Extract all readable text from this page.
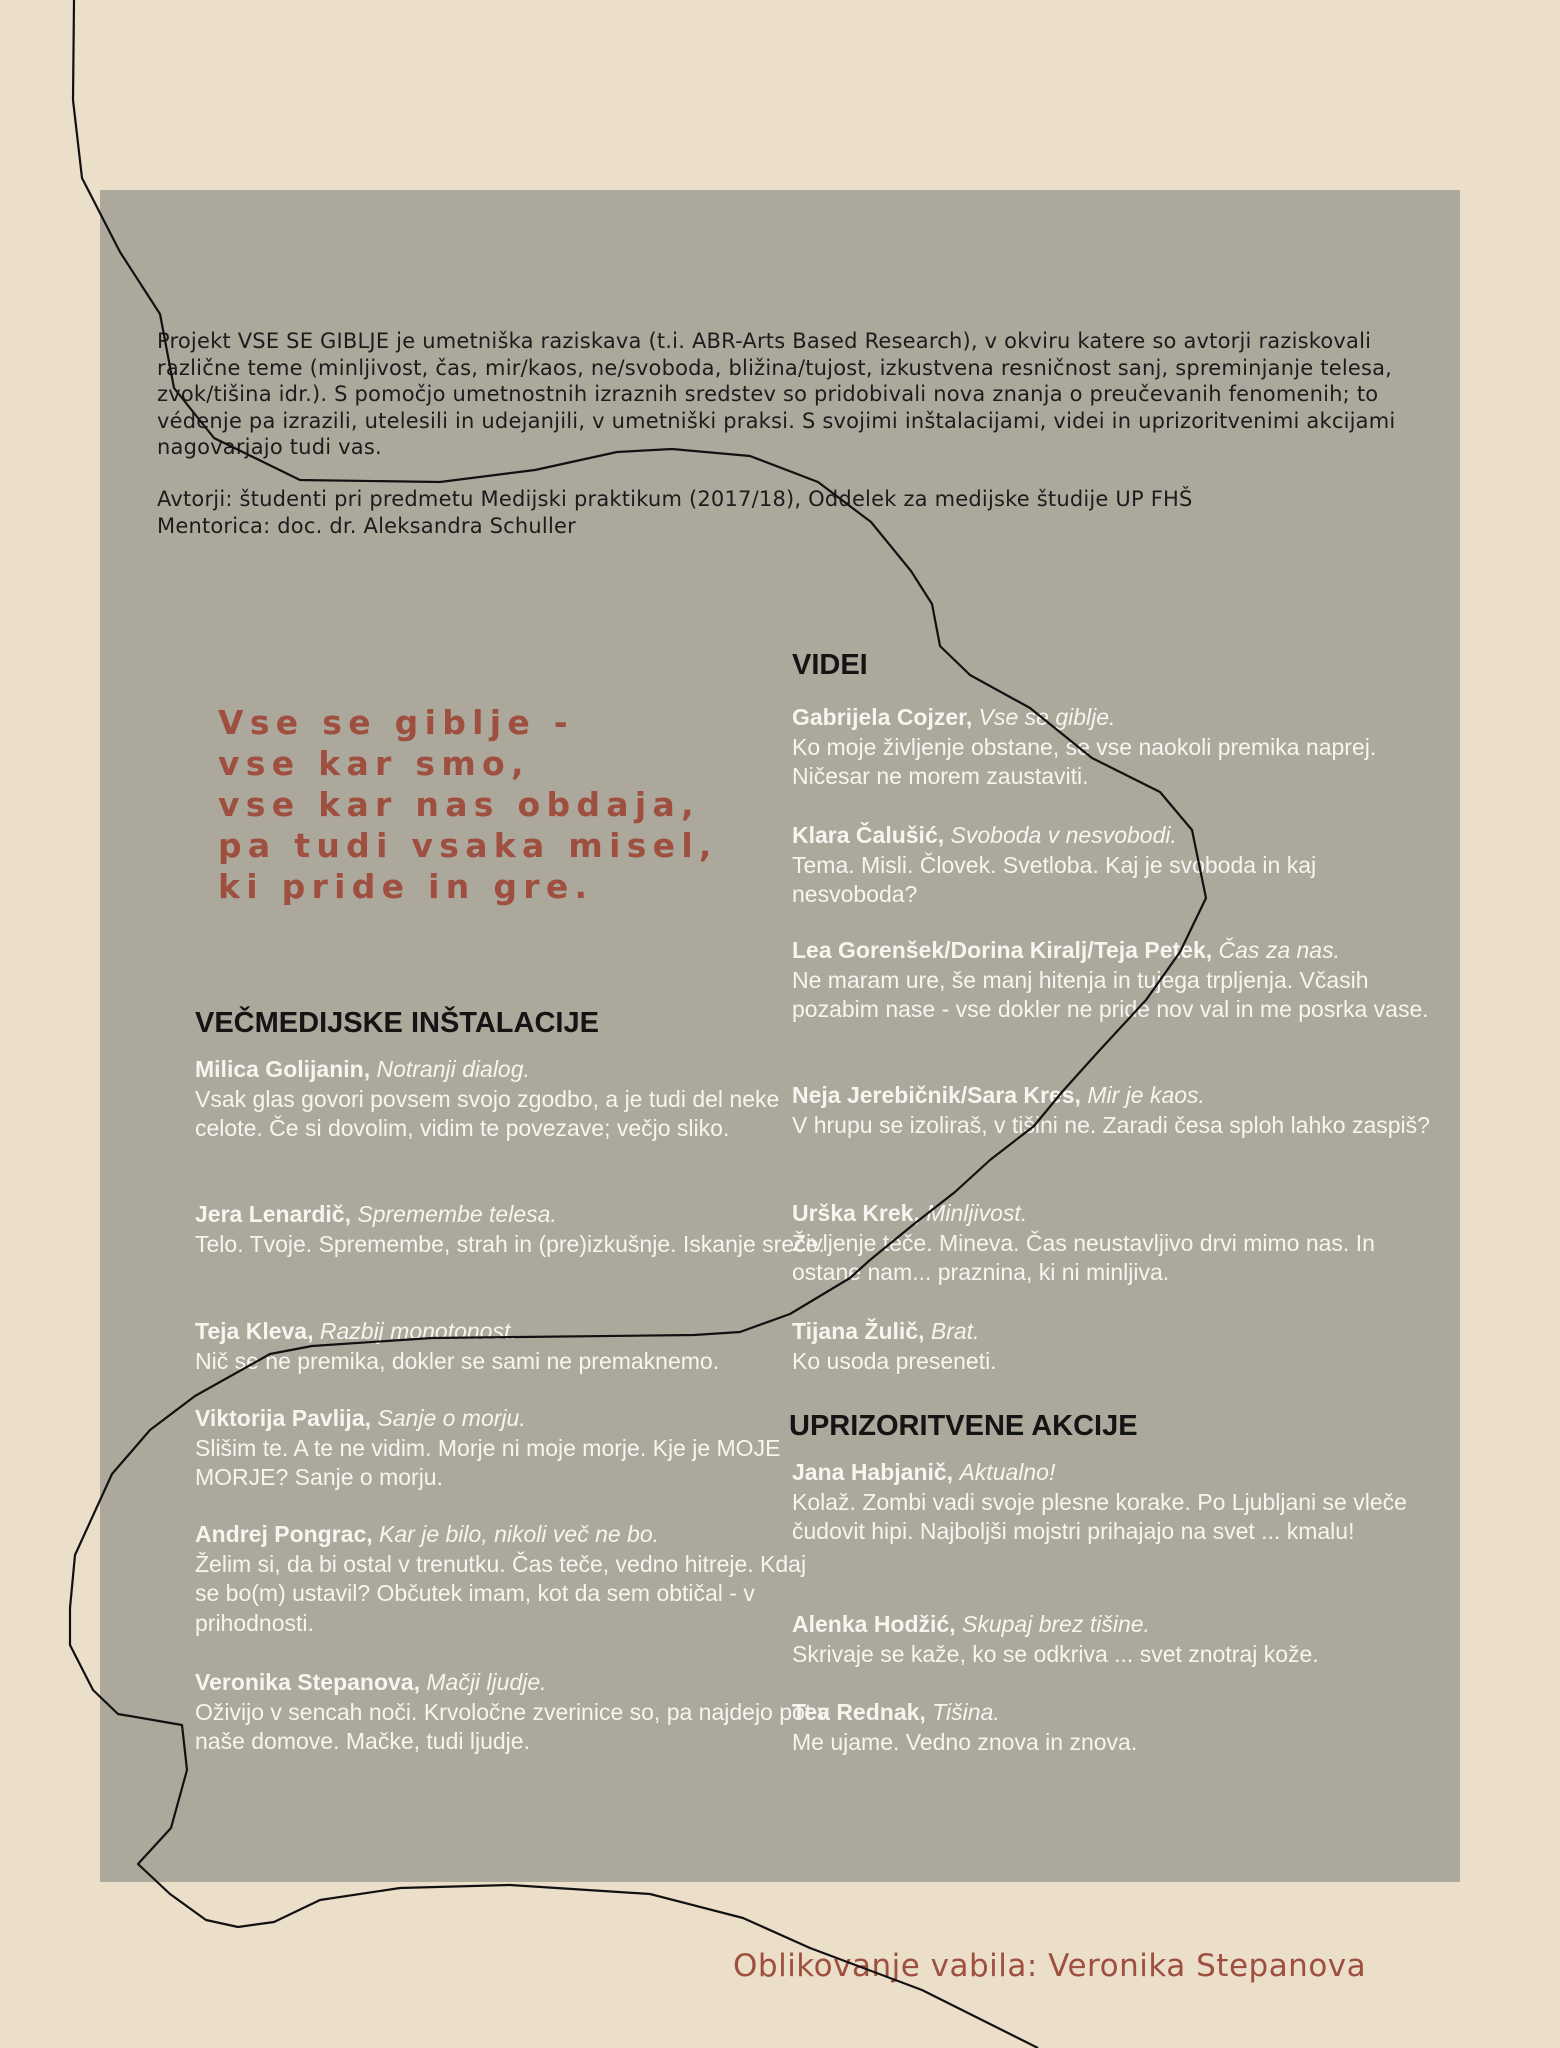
Projekt VSE SE GIBLJE je umetniška raziskava (t.i. ABR-Arts Based Research), v okviru katere so avtorji raziskovali različne teme (minljivost, čas, mir/kaos, ne/svoboda, bližina/tujost, izkustvena resničnost sanj, spreminjanje telesa, zvok/tišina idr.). S pomočjo umetnostnih izraznih sredstev so pridobivali nova znanja o preučevanih fenomenih; to védenje pa izrazili, utelesili in udejanjili, v umetniški praksi. S svojimi inštalacijami, videi in uprizoritvenimi akcijami nagovarjajo tudi vas.

Avtorji: študenti pri predmetu Medijski praktikum (2017/18), Oddelek za medijske študije UP FHŠ
Mentorica: doc. dr. Aleksandra Schuller
Vse se giblje -
vse kar smo,
vse kar nas obdaja,
pa tudi vsaka misel,
ki pride in gre.
VEČMEDIJSKE INŠTALACIJE
Milica Golijanin, Notranji dialog.
Vsak glas govori povsem svojo zgodbo, a je tudi del neke celote. Če si dovolim, vidim te povezave; večjo sliko.
Jera Lenardič, Spremembe telesa.
Telo. Tvoje. Spremembe, strah in (pre)izkušnje. Iskanje sreče.
Teja Kleva, Razbij monotonost.
Nič se ne premika, dokler se sami ne premaknemo.
Viktorija Pavlija, Sanje o morju.
Slišim te. A te ne vidim. Morje ni moje morje. Kje je MOJE MORJE? Sanje o morju.
Andrej Pongrac, Kar je bilo, nikoli več ne bo.
Želim si, da bi ostal v trenutku. Čas teče, vedno hitreje. Kdaj se bo(m) ustavil? Občutek imam, kot da sem obtičal - v prihodnosti.
Veronika Stepanova, Mačji ljudje.
Oživijo v sencah noči. Krvoločne zverinice so, pa najdejo pot v naše domove. Mačke, tudi ljudje.
VIDEI
Gabrijela Cojzer, Vse se giblje.
Ko moje življenje obstane, se vse naokoli premika naprej. Ničesar ne morem zaustaviti.
Klara Čalušić, Svoboda v nesvobodi.
Tema. Misli. Človek. Svetloba. Kaj je svoboda in kaj nesvoboda?
Lea Gorenšek/Dorina Kiralj/Teja Petek, Čas za nas.
Ne maram ure, še manj hitenja in tujega trpljenja. Včasih pozabim nase - vse dokler ne pride nov val in me posrka vase.
Neja Jerebičnik/Sara Kres, Mir je kaos.
V hrupu se izoliraš, v tišini ne. Zaradi česa sploh lahko zaspiš?
Urška Krek, Minljivost.
Življenje teče. Mineva. Čas neustavljivo drvi mimo nas. In ostane nam... praznina, ki ni minljiva.
Tijana Žulič, Brat.
Ko usoda preseneti.
UPRIZORITVENE AKCIJE
Jana Habjanič, Aktualno!
Kolaž. Zombi vadi svoje plesne korake. Po Ljubljani se vleče čudovit hipi. Najboljši mojstri prihajajo na svet ... kmalu!
Alenka Hodžić, Skupaj brez tišine.
Skrivaje se kaže, ko se odkriva ... svet znotraj kože.
Tea Rednak, Tišina.
Me ujame. Vedno znova in znova.
Oblikovanje vabila: Veronika Stepanova
